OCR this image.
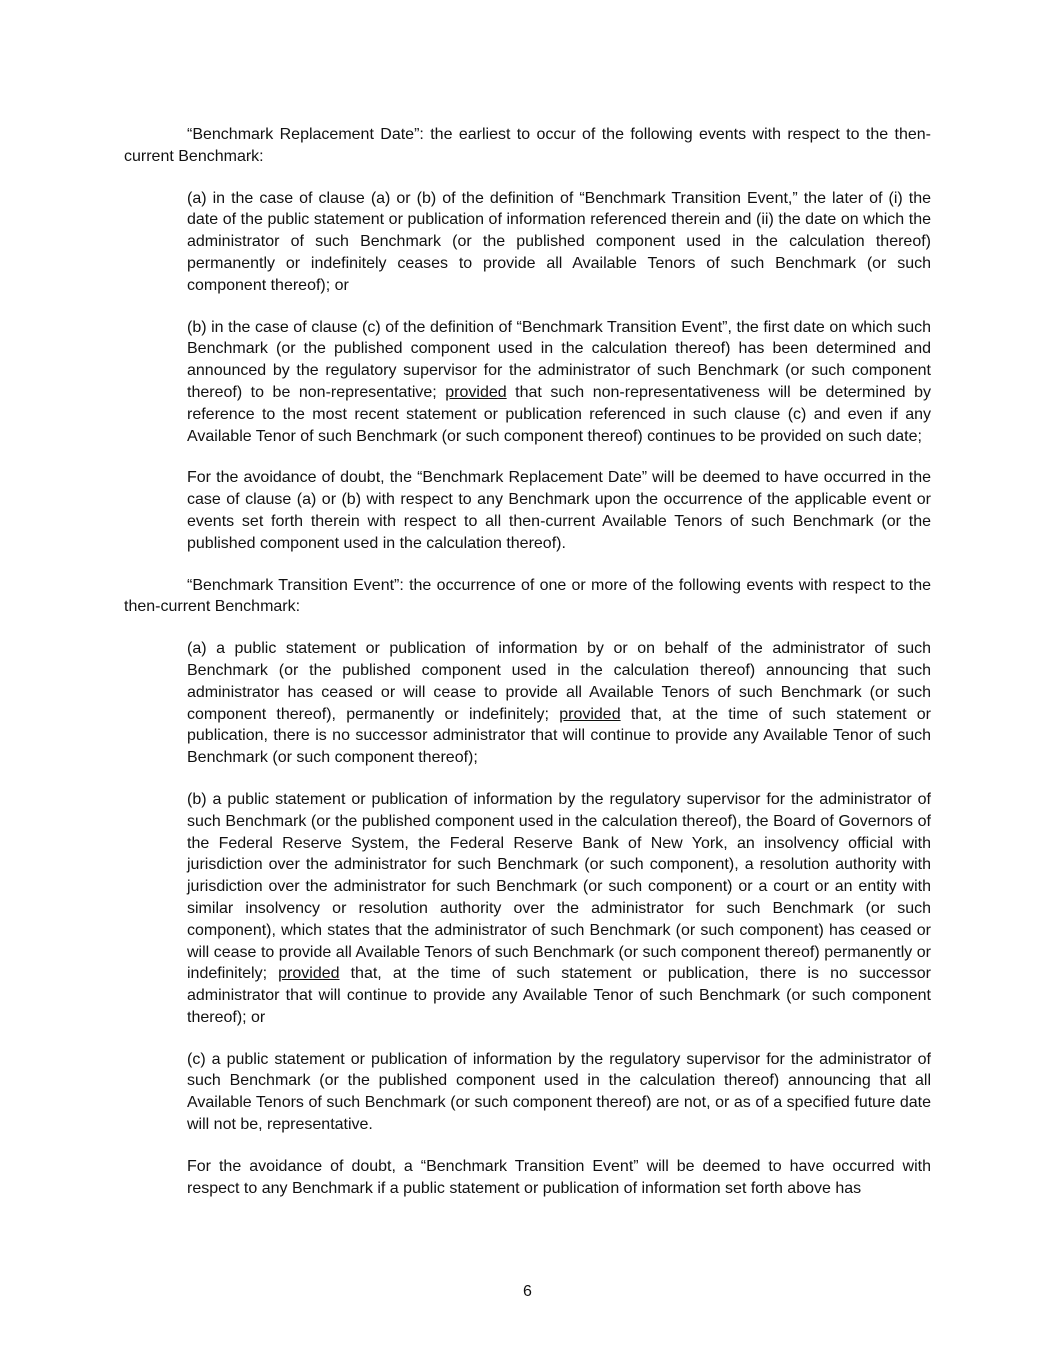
“Benchmark Replacement Date”: the earliest to occur of the following events with respect to the then-current Benchmark:

(a) in the case of clause (a) or (b) of the definition of “Benchmark Transition Event,” the later of (i) the date of the public statement or publication of information referenced therein and (ii) the date on which the administrator of such Benchmark (or the published component used in the calculation thereof) permanently or indefinitely ceases to provide all Available Tenors of such Benchmark (or such component thereof); or

(b) in the case of clause (c) of the definition of “Benchmark Transition Event”, the first date on which such Benchmark (or the published component used in the calculation thereof) has been determined and announced by the regulatory supervisor for the administrator of such Benchmark (or such component thereof) to be non-representative; provided that such non-representativeness will be determined by reference to the most recent statement or publication referenced in such clause (c) and even if any Available Tenor of such Benchmark (or such component thereof) continues to be provided on such date;

For the avoidance of doubt, the “Benchmark Replacement Date” will be deemed to have occurred in the case of clause (a) or (b) with respect to any Benchmark upon the occurrence of the applicable event or events set forth therein with respect to all then-current Available Tenors of such Benchmark (or the published component used in the calculation thereof).

“Benchmark Transition Event”: the occurrence of one or more of the following events with respect to the then-current Benchmark:

(a) a public statement or publication of information by or on behalf of the administrator of such Benchmark (or the published component used in the calculation thereof) announcing that such administrator has ceased or will cease to provide all Available Tenors of such Benchmark (or such component thereof), permanently or indefinitely; provided that, at the time of such statement or publication, there is no successor administrator that will continue to provide any Available Tenor of such Benchmark (or such component thereof);

(b) a public statement or publication of information by the regulatory supervisor for the administrator of such Benchmark (or the published component used in the calculation thereof), the Board of Governors of the Federal Reserve System, the Federal Reserve Bank of New York, an insolvency official with jurisdiction over the administrator for such Benchmark (or such component), a resolution authority with jurisdiction over the administrator for such Benchmark (or such component) or a court or an entity with similar insolvency or resolution authority over the administrator for such Benchmark (or such component), which states that the administrator of such Benchmark (or such component) has ceased or will cease to provide all Available Tenors of such Benchmark (or such component thereof) permanently or indefinitely; provided that, at the time of such statement or publication, there is no successor administrator that will continue to provide any Available Tenor of such Benchmark (or such component thereof); or

(c) a public statement or publication of information by the regulatory supervisor for the administrator of such Benchmark (or the published component used in the calculation thereof) announcing that all Available Tenors of such Benchmark (or such component thereof) are not, or as of a specified future date will not be, representative.

For the avoidance of doubt, a “Benchmark Transition Event” will be deemed to have occurred with respect to any Benchmark if a public statement or publication of information set forth above has

6
